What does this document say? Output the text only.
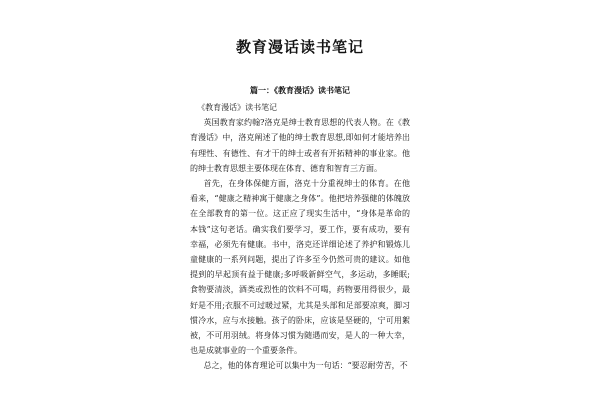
教育漫话读书笔记
篇一：《教育漫话》读书笔记

《教育漫话》读书笔记

英国教育家约翰?洛克是绅士教育思想的代表人物。在《教育漫话》中，洛克阐述了他的绅士教育思想,即如何才能培养出有理性、有德性、有才干的绅士或者有开拓精神的事业家。他的绅士教育思想主要体现在体育、德育和智育三方面。

首先，在身体保健方面，洛克十分重视绅士的体育。在他看来，“健康之精神寓于健康之身体”。他把培养强健的体魄放在全部教育的第一位。这正应了现实生活中，“身体是革命的本钱”这句老话。确实我们要学习，要工作，要有成功，要有幸福，必须先有健康。书中，洛克还详细论述了养护和锻炼儿童健康的一系列问题，提出了许多至今仍然可贵的建议。如他提到的早起顶有益于健康;多呼吸新鲜空气，多运动，多睡眠;食物要清淡，酒类或烈性的饮料不可喝，药物要用得很少，最好是不用;衣服不可过暖过紧，尤其是头部和足部要凉爽，脚习惯冷水，应与水接触。孩子的卧床，应该是坚硬的，宁可用絮被，不可用羽绒。将身体习惯为随遇而安，是人的一种大幸，也是成就事业的一个重要条件。

总之，他的体育理论可以集中为一句话：“要忍耐劳苦，不
